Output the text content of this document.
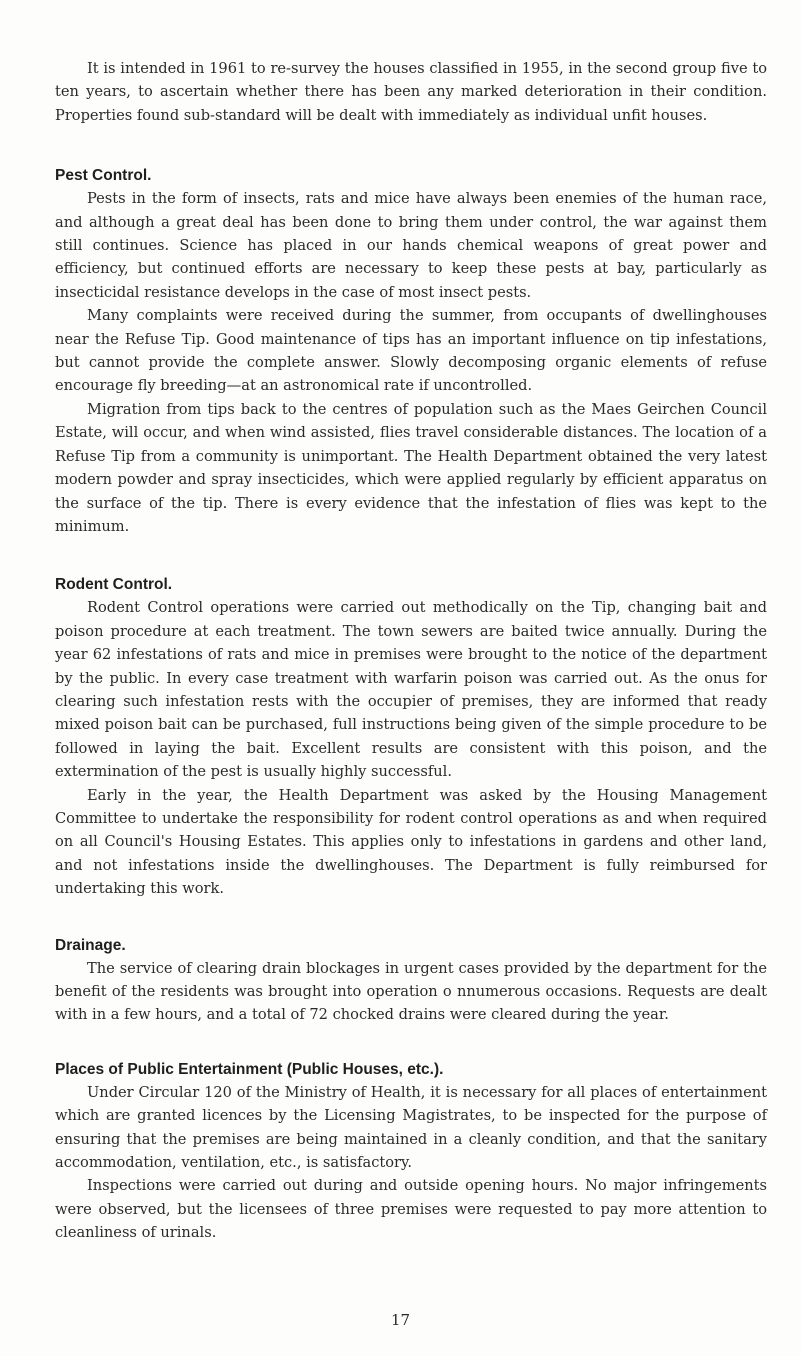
It is intended in 1961 to re-survey the houses classified in 1955, in the second group five to ten years, to ascertain whether there has been any marked deterioration in their condition. Properties found sub-standard will be dealt with immediately as individual unfit houses.

Pest Control.

Pests in the form of insects, rats and mice have always been enemies of the human race, and although a great deal has been done to bring them under control, the war against them still continues. Science has placed in our hands chemical weapons of great power and efficiency, but continued efforts are necessary to keep these pests at bay, particularly as insecticidal resistance develops in the case of most insect pests.

Many complaints were received during the summer, from occupants of dwellinghouses near the Refuse Tip. Good maintenance of tips has an important influence on tip infestations, but cannot provide the complete answer. Slowly decomposing organic elements of refuse encourage fly breeding—at an astronomical rate if uncontrolled.

Migration from tips back to the centres of population such as the Maes Geirchen Council Estate, will occur, and when wind assisted, flies travel considerable distances. The location of a Refuse Tip from a community is unimportant. The Health Department obtained the very latest modern powder and spray insecticides, which were applied regularly by efficient apparatus on the surface of the tip. There is every evidence that the infestation of flies was kept to the minimum.

Rodent Control.

Rodent Control operations were carried out methodically on the Tip, changing bait and poison procedure at each treatment. The town sewers are baited twice annually. During the year 62 infestations of rats and mice in premises were brought to the notice of the department by the public. In every case treatment with warfarin poison was carried out. As the onus for clearing such infestation rests with the occupier of premises, they are informed that ready mixed poison bait can be purchased, full instructions being given of the simple procedure to be followed in laying the bait. Excellent results are consistent with this poison, and the extermination of the pest is usually highly successful.

Early in the year, the Health Department was asked by the Housing Management Committee to undertake the responsibility for rodent control operations as and when required on all Council's Housing Estates. This applies only to infestations in gardens and other land, and not infestations inside the dwellinghouses. The Department is fully reimbursed for undertaking this work.

Drainage.

The service of clearing drain blockages in urgent cases provided by the department for the benefit of the residents was brought into operation o nnumerous occasions. Requests are dealt with in a few hours, and a total of 72 chocked drains were cleared during the year.

Places of Public Entertainment (Public Houses, etc.).

Under Circular 120 of the Ministry of Health, it is necessary for all places of entertainment which are granted licences by the Licensing Magistrates, to be inspected for the purpose of ensuring that the premises are being maintained in a cleanly condition, and that the sanitary accommodation, ventilation, etc., is satisfactory.

Inspections were carried out during and outside opening hours. No major infringements were observed, but the licensees of three premises were requested to pay more attention to cleanliness of urinals.

17
